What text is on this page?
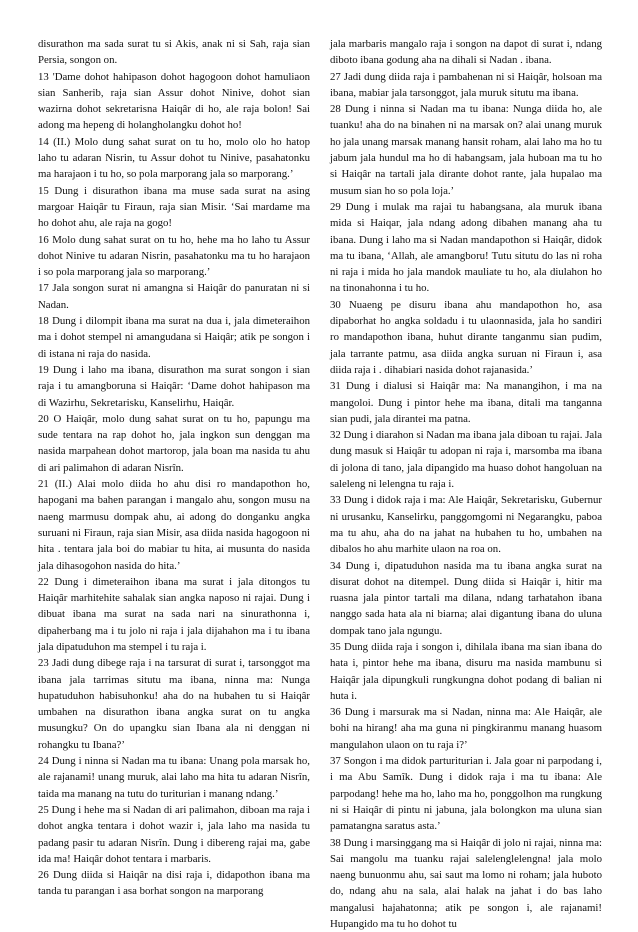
disurathon ma sada surat tu si Akis, anak ni si Sah, raja sian Persia, songon on.

13 'Dame dohot hahipason dohot hagogoon dohot hamuliaon sian Sanherib, raja sian Assur dohot Ninive, dohot sian wazirna dohot sekretarisna Haiqâr di ho, ale raja bolon! Sai adong ma hepeng di holangholangku dohot ho!

14 (II.) Molo dung sahat surat on tu ho, molo olo ho hatop laho tu adaran Nisrin, tu Assur dohot tu Ninive, pasahatonku ma harajaon i tu ho, so pola marporang jala so marporang.’

15 Dung i disurathon ibana ma muse sada surat na asing margoar Haiqâr tu Firaun, raja sian Misir. ‘Sai mardame ma ho dohot ahu, ale raja na gogo!

16 Molo dung sahat surat on tu ho, hehe ma ho laho tu Assur dohot Ninive tu adaran Nisrin, pasahatonku ma tu ho harajaon i so pola marporang jala so marporang.’

17 Jala songon surat ni amangna si Haiqâr do panuratan ni si Nadan.

18 Dung i dilompit ibana ma surat na dua i, jala dimeteraihon ma i dohot stempel ni amangudana si Haiqâr; atik pe songon i di istana ni raja do nasida.

19 Dung i laho ma ibana, disurathon ma surat songon i sian raja i tu amangboruna si Haiqâr: ‘Dame dohot hahipason ma di Wazirhu, Sekretarisku, Kanselirhu, Haiqâr.

20 O Haiqâr, molo dung sahat surat on tu ho, papungu ma sude tentara na rap dohot ho, jala ingkon sun denggan ma nasida marpahean dohot martorop, jala boan ma nasida tu ahu di ari palimahon di adaran Nisrîn.

21 (II.) Alai molo diida ho ahu disi ro mandapothon ho, hapogani ma bahen parangan i mangalo ahu, songon musu na naeng marmusu dompak ahu, ai adong do donganku angka suruani ni Firaun, raja sian Misir, asa diida nasida hagogoon ni hita . tentara jala boi do mabiar tu hita, ai musunta do nasida jala dihasogohon nasida do hita.’

22 Dung i dimeteraihon ibana ma surat i jala ditongos tu Haiqâr marhitehite sahalak sian angka naposo ni rajai. Dung i dibuat ibana ma surat na sada nari na sinurathonna i, dipaherbang ma i tu jolo ni raja i jala dijahahon ma i tu ibana jala dipatuduhon ma stempel i tu raja i.

23 Jadi dung dibege raja i na tarsurat di surat i, tarsonggot ma ibana jala tarrimas situtu ma ibana, ninna ma: Nunga hupatuduhon habisuhonku! aha do na hubahen tu si Haiqâr umbahen na disurathon ibana angka surat on tu angka musungku? On do upangku sian Ibana ala ni denggan ni rohangku tu Ibana?’

24 Dung i ninna si Nadan ma tu ibana: Unang pola marsak ho, ale rajanami! unang muruk, alai laho ma hita tu adaran Nisrîn, taida ma manang na tutu do turiturian i manang ndang.’

25 Dung i hehe ma si Nadan di ari palimahon, diboan ma raja i dohot angka tentara i dohot wazir i, jala laho ma nasida tu padang pasir tu adaran Nisrîn. Dung i dibereng rajai ma, gabe ida ma! Haiqâr dohot tentara i marbaris.

26 Dung diida si Haiqâr na disi raja i, didapothon ibana ma tanda tu parangan i asa borhat songon na marporang

jala marbaris mangalo raja i songon na dapot di surat i, ndang diboto ibana godung aha na dihali si Nadan . ibana.

27 Jadi dung diida raja i pambahenan ni si Haiqâr, holsoan ma ibana, mabiar jala tarsonggot, jala muruk situtu ma ibana.

28 Dung i ninna si Nadan ma tu ibana: Nunga diida ho, ale tuanku! aha do na binahen ni na marsak on? alai unang muruk ho jala unang marsak manang hansit roham, alai laho ma ho tu jabum jala hundul ma ho di habangsam, jala huboan ma tu ho si Haiqâr na tartali jala dirante dohot rante, jala hupalao ma musum sian ho so pola loja.’

29 Dung i mulak ma rajai tu habangsana, ala muruk ibana mida si Haiqar, jala ndang adong dibahen manang aha tu ibana. Dung i laho ma si Nadan mandapothon si Haiqâr, didok ma tu ibana, ‘Allah, ale amangboru! Tutu situtu do las ni roha ni raja i mida ho jala mandok mauliate tu ho, ala diulahon ho na tinonahonna i tu ho.

30 Nuaeng pe disuru ibana ahu mandapothon ho, asa dipaborhat ho angka soldadu i tu ulaonnasida, jala ho sandiri ro mandapothon ibana, huhut dirante tanganmu sian pudim, jala tarrante patmu, asa diida angka suruan ni Firaun i, asa diida raja i . dihabiari nasida dohot rajanasida.’

31 Dung i dialusi si Haiqâr ma: Na manangihon, i ma na mangoloi. Dung i pintor hehe ma ibana, ditali ma tanganna sian pudi, jala dirantei ma patna.

32 Dung i diarahon si Nadan ma ibana jala diboan tu rajai. Jala dung masuk si Haiqâr tu adopan ni raja i, marsomba ma ibana di jolona di tano, jala dipangido ma huaso dohot hangoluan na saleleng ni lelengna tu raja i.

33 Dung i didok raja i ma: Ale Haiqâr, Sekretarisku, Gubernur ni urusanku, Kanselirku, panggomgomi ni Negarangku, paboa ma tu ahu, aha do na jahat na hubahen tu ho, umbahen na dibalos ho ahu marhite ulaon na roa on.

34 Dung i, dipatuduhon nasida ma tu ibana angka surat na disurat dohot na ditempel. Dung diida si Haiqâr i, hitir ma ruasna jala pintor tartali ma dilana, ndang tarhatahon ibana nanggo sada hata ala ni biarna; alai digantung ibana do uluna dompak tano jala ngungu.

35 Dung diida raja i songon i, dihilala ibana ma sian ibana do hata i, pintor hehe ma ibana, disuru ma nasida mambunu si Haiqâr jala dipungkuli rungkungna dohot podang di balian ni huta i.

36 Dung i marsurak ma si Nadan, ninna ma: Ale Haiqâr, ale bohi na hirang! aha ma guna ni pingkiranmu manang huasom mangulahon ulaon on tu raja i?’

37 Songon i ma didok parturiturian i. Jala goar ni parpodang i, i ma Abu Samîk. Dung i didok raja i ma tu ibana: Ale parpodang! hehe ma ho, laho ma ho, ponggolhon ma rungkung ni si Haiqâr di pintu ni jabuna, jala bolongkon ma uluna sian pamatangna saratus asta.’

38 Dung i marsinggang ma si Haiqâr di jolo ni rajai, ninna ma: Sai mangolu ma tuanku rajai salelenglelengna! jala molo naeng bunuonmu ahu, sai saut ma lomo ni roham; jala huboto do, ndang ahu na sala, alai halak na jahat i do bas laho mangalusi hajahatonna; atik pe songon i, ale rajanami! Hupangido ma tu ho dohot tu
